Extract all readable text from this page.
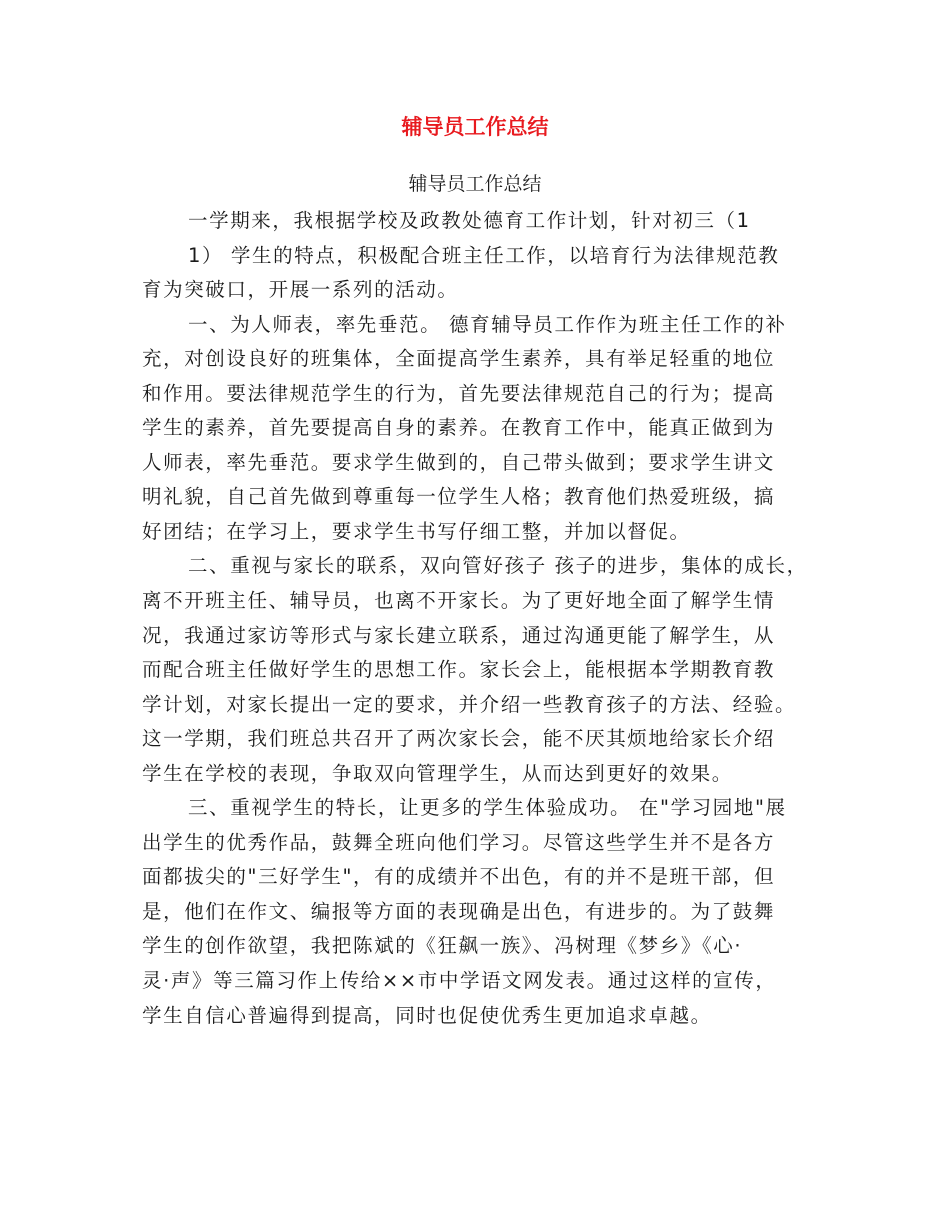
辅导员工作总结
辅导员工作总结
一学期来，我根据学校及政教处德育工作计划，针对初三（1
1） 学生的特点，积极配合班主任工作，以培育行为法律规范教
育为突破口，开展一系列的活动。
一、为人师表，率先垂范。 德育辅导员工作作为班主任工作的补
充，对创设良好的班集体，全面提高学生素养，具有举足轻重的地位
和作用。要法律规范学生的行为，首先要法律规范自己的行为；提高
学生的素养，首先要提高自身的素养。在教育工作中，能真正做到为
人师表，率先垂范。要求学生做到的，自己带头做到；要求学生讲文
明礼貌，自己首先做到尊重每一位学生人格；教育他们热爱班级，搞
好团结；在学习上，要求学生书写仔细工整，并加以督促。
二、重视与家长的联系，双向管好孩子 孩子的进步，集体的成长，
离不开班主任、辅导员，也离不开家长。为了更好地全面了解学生情
况，我通过家访等形式与家长建立联系，通过沟通更能了解学生，从
而配合班主任做好学生的思想工作。家长会上，能根据本学期教育教
学计划，对家长提出一定的要求，并介绍一些教育孩子的方法、经验。
这一学期，我们班总共召开了两次家长会，能不厌其烦地给家长介绍
学生在学校的表现，争取双向管理学生，从而达到更好的效果。
三、重视学生的特长，让更多的学生体验成功。 在"学习园地"展
出学生的优秀作品，鼓舞全班向他们学习。尽管这些学生并不是各方
面都拔尖的"三好学生"，有的成绩并不出色，有的并不是班干部，但
是，他们在作文、编报等方面的表现确是出色，有进步的。为了鼓舞
学生的创作欲望，我把陈斌的《狂飙一族》、冯树理《梦乡》《心·
灵·声》等三篇习作上传给××市中学语文网发表。通过这样的宣传，
学生自信心普遍得到提高，同时也促使优秀生更加追求卓越。
